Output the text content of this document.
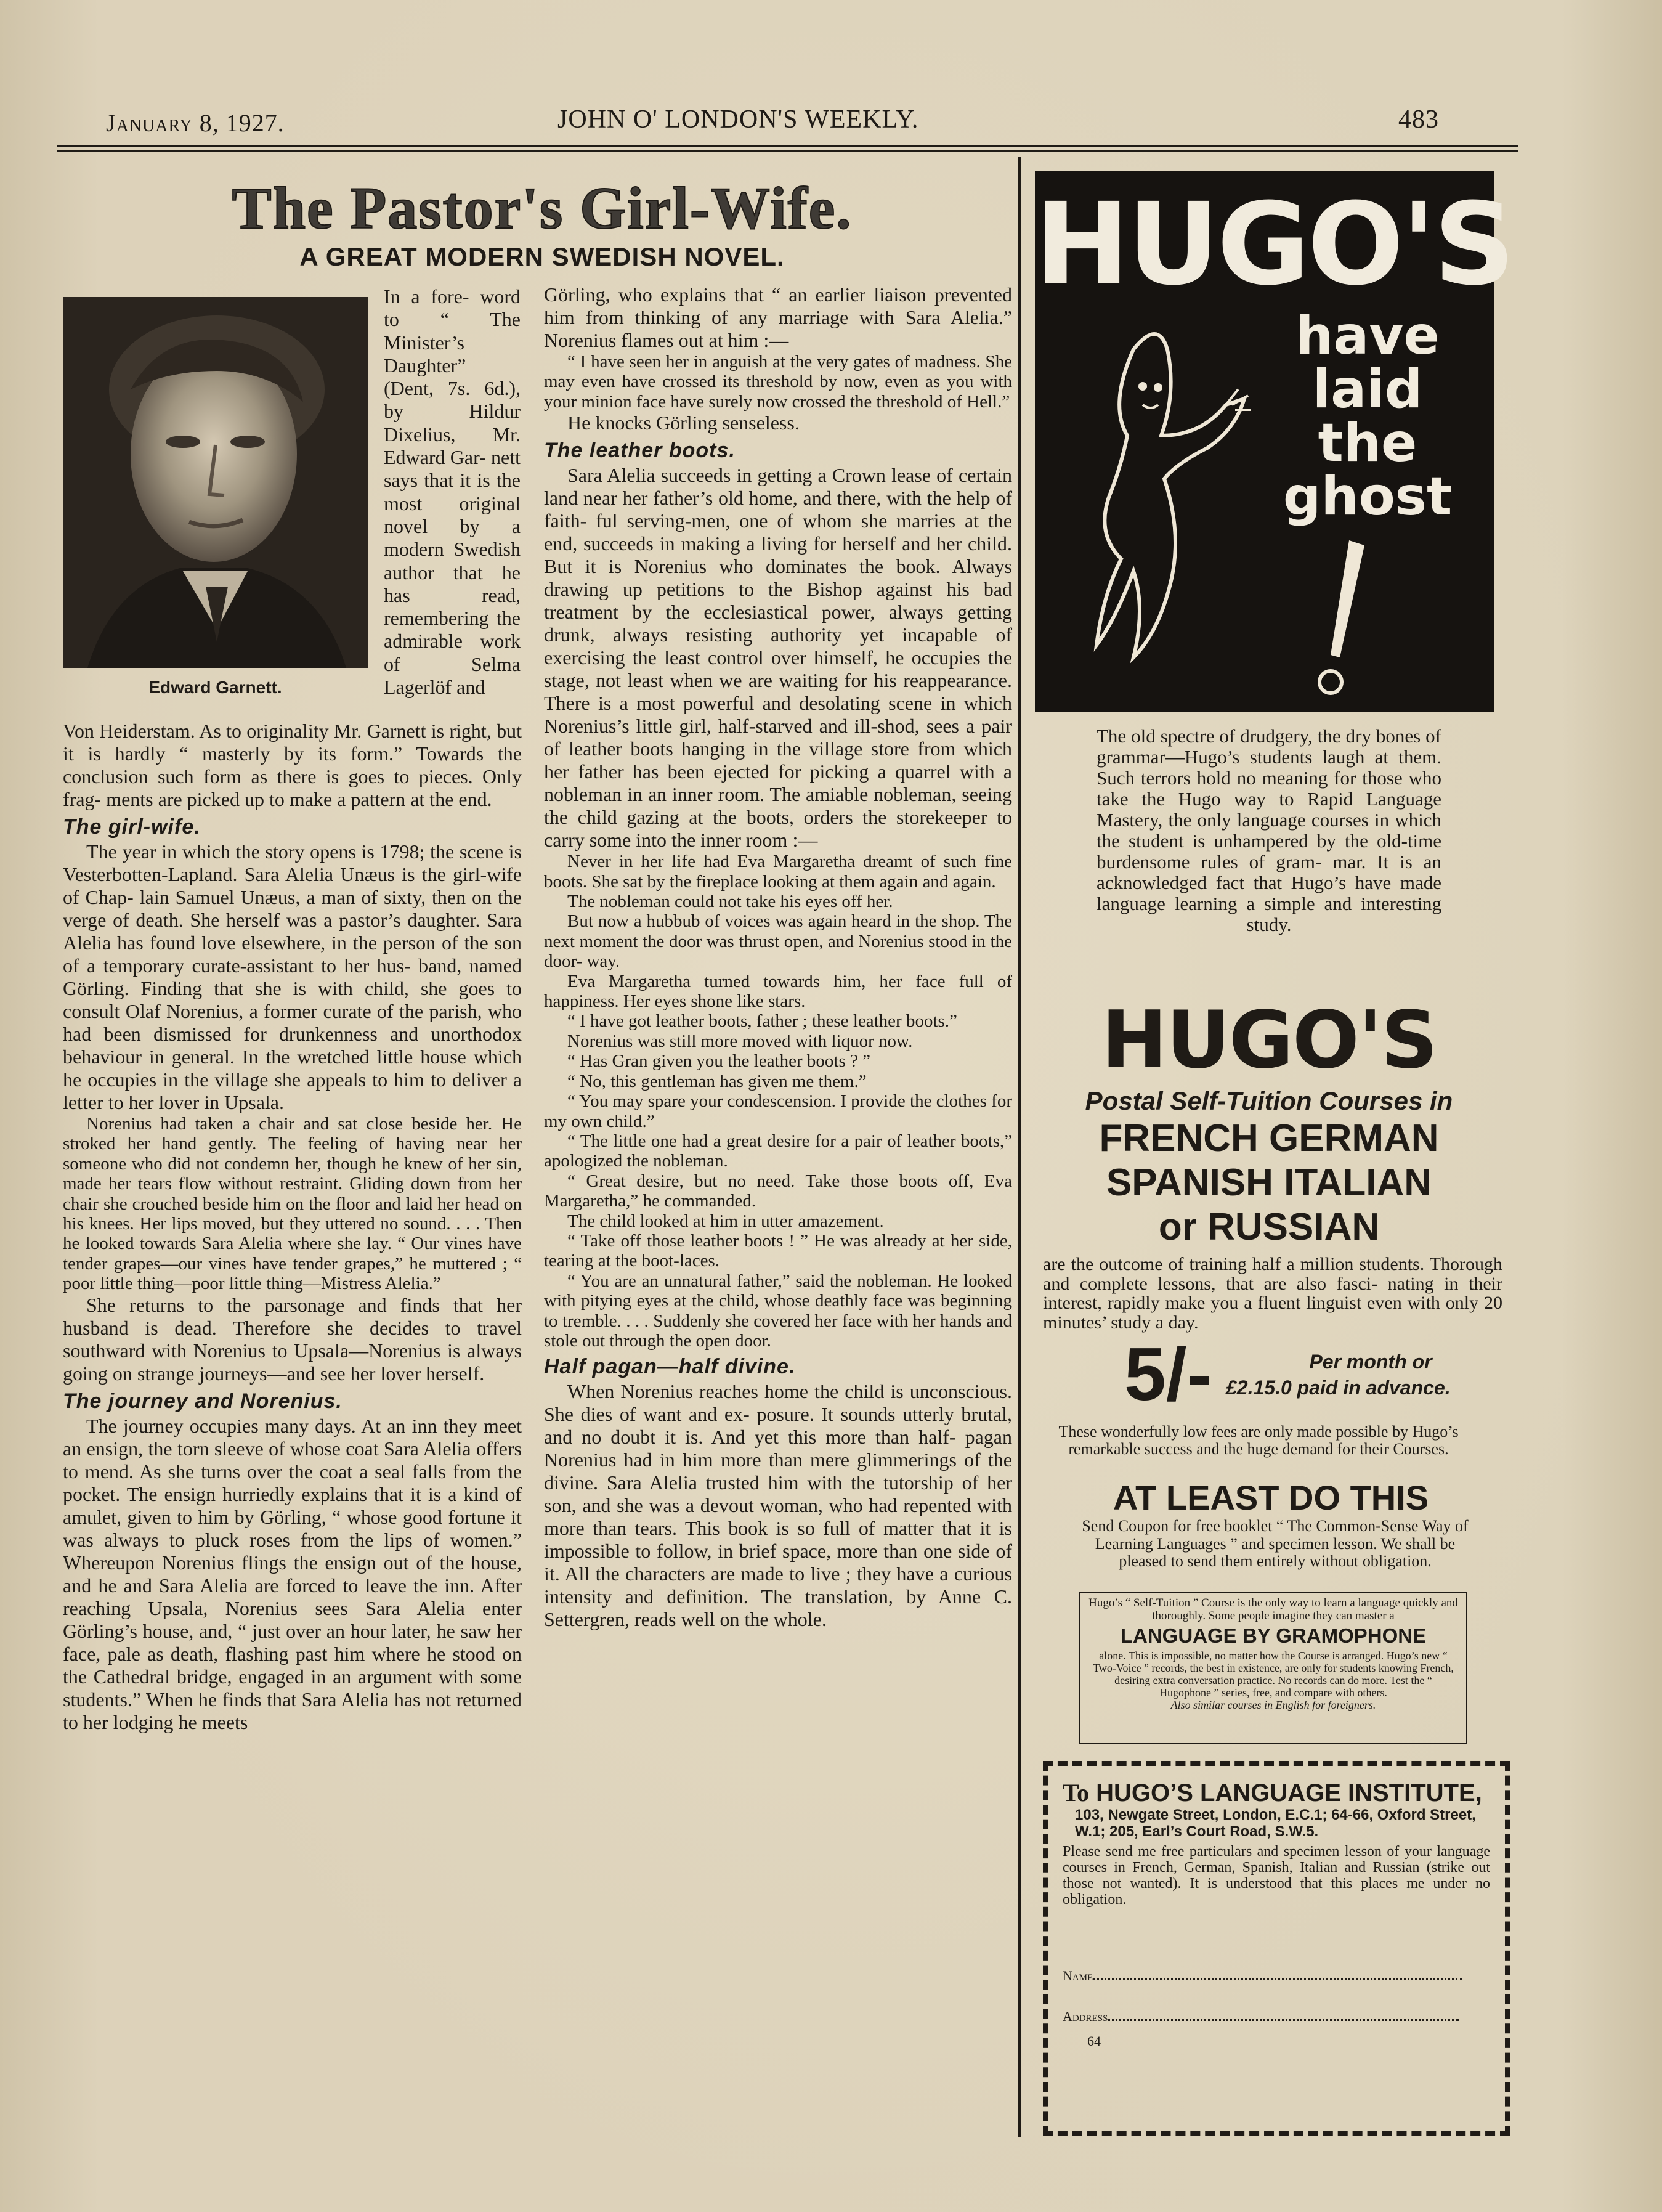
January 8, 1927.	JOHN O' LONDON'S WEEKLY.	483
The Pastor's Girl-Wife.
A GREAT MODERN SWEDISH NOVEL.
Edward Garnett.

In a fore- word to “ The Minister’s Daughter” (Dent, 7s. 6d.), by Hildur Dixelius, Mr. Edward Gar- nett says that it is the most original novel by a modern Swedish author that he has read, remembering the admirable work of Selma Lagerlöf and

Von Heiderstam. As to originality Mr. Garnett is right, but it is hardly “ masterly by its form.” Towards the conclusion such form as there is goes to pieces. Only frag- ments are picked up to make a pattern at the end.

The girl-wife.

The year in which the story opens is 1798; the scene is Vesterbotten-Lapland. Sara Alelia Unæus is the girl-wife of Chap- lain Samuel Unæus, a man of sixty, then on the verge of death. She herself was a pastor’s daughter. Sara Alelia has found love elsewhere, in the person of the son of a temporary curate-assistant to her hus- band, named Görling. Finding that she is with child, she goes to consult Olaf Norenius, a former curate of the parish, who had been dismissed for drunkenness and unorthodox behaviour in general. In the wretched little house which he occupies in the village she appeals to him to deliver a letter to her lover in Upsala.

Norenius had taken a chair and sat close beside her. He stroked her hand gently. The feeling of having near her someone who did not condemn her, though he knew of her sin, made her tears flow without restraint. Gliding down from her chair she crouched beside him on the floor and laid her head on his knees. Her lips moved, but they uttered no sound. . . . Then he looked towards Sara Alelia where she lay. “ Our vines have tender grapes—our vines have tender grapes,” he muttered ; “ poor little thing—poor little thing—Mistress Alelia.”

She returns to the parsonage and finds that her husband is dead. Therefore she decides to travel southward with Norenius to Upsala—Norenius is always going on strange journeys—and see her lover herself.

The journey and Norenius.

The journey occupies many days. At an inn they meet an ensign, the torn sleeve of whose coat Sara Alelia offers to mend. As she turns over the coat a seal falls from the pocket. The ensign hurriedly explains that it is a kind of amulet, given to him by Görling, “ whose good fortune it was always to pluck roses from the lips of women.” Whereupon Norenius flings the ensign out of the house, and he and Sara Alelia are forced to leave the inn. After reaching Upsala, Norenius sees Sara Alelia enter Görling’s house, and, “ just over an hour later, he saw her face, pale as death, flashing past him where he stood on the Cathedral bridge, engaged in an argument with some students.” When he finds that Sara Alelia has not returned to her lodging he meets

Görling, who explains that “ an earlier liaison prevented him from thinking of any marriage with Sara Alelia.” Norenius flames out at him :—

“ I have seen her in anguish at the very gates of madness. She may even have crossed its threshold by now, even as you with your minion face have surely now crossed the threshold of Hell.”

He knocks Görling senseless.

The leather boots.

Sara Alelia succeeds in getting a Crown lease of certain land near her father’s old home, and there, with the help of faith- ful serving-men, one of whom she marries at the end, succeeds in making a living for herself and her child. But it is Norenius who dominates the book. Always drawing up petitions to the Bishop against his bad treatment by the ecclesiastical power, always getting drunk, always resisting authority yet incapable of exercising the least control over himself, he occupies the stage, not least when we are waiting for his reappearance. There is a most powerful and desolating scene in which Norenius’s little girl, half-starved and ill-shod, sees a pair of leather boots hanging in the village store from which her father has been ejected for picking a quarrel with a nobleman in an inner room. The amiable nobleman, seeing the child gazing at the boots, orders the storekeeper to carry some into the inner room :—

Never in her life had Eva Margaretha dreamt of such fine boots. She sat by the fireplace looking at them again and again.

The nobleman could not take his eyes off her.

But now a hubbub of voices was again heard in the shop. The next moment the door was thrust open, and Norenius stood in the door- way.

Eva Margaretha turned towards him, her face full of happiness. Her eyes shone like stars.

“ I have got leather boots, father ; these leather boots.”

Norenius was still more moved with liquor now.

“ Has Gran given you the leather boots ? ”

“ No, this gentleman has given me them.”

“ You may spare your condescension. I provide the clothes for my own child.”

“ The little one had a great desire for a pair of leather boots,” apologized the nobleman.

“ Great desire, but no need. Take those boots off, Eva Margaretha,” he commanded.

The child looked at him in utter amazement.

“ Take off those leather boots ! ” He was already at her side, tearing at the boot-laces.

“ You are an unnatural father,” said the nobleman. He looked with pitying eyes at the child, whose deathly face was beginning to tremble. . . . Suddenly she covered her face with her hands and stole out through the open door.

Half pagan—half divine.

When Norenius reaches home the child is unconscious. She dies of want and ex- posure. It sounds utterly brutal, and no doubt it is. And yet this more than half- pagan Norenius had in him more than mere glimmerings of the divine. Sara Alelia trusted him with the tutorship of her son, and she was a devout woman, who had repented with more than tears. This book is so full of matter that it is impossible to follow, in brief space, more than one side of it. All the characters are made to live ; they have a curious intensity and definition. The translation, by Anne C. Settergren, reads well on the whole.

HUGO'S
have
laid
the
ghost
The old spectre of drudgery, the dry bones of grammar—Hugo’s students laugh at them. Such terrors hold no meaning for those who take the Hugo way to Rapid Language Mastery, the only language courses in which the student is unhampered by the old-time burdensome rules of gram- mar. It is an acknowledged fact that Hugo’s have made language learning a simple and interesting study.
HUGO'S
Postal Self-Tuition Courses in
FRENCH GERMAN
SPANISH ITALIAN
or RUSSIAN
are the outcome of training half a million students. Thorough and complete lessons, that are also fasci- nating in their interest, rapidly make you a fluent linguist even with only 20 minutes’ study a day.
5/-	Per month or
£2.15.0 paid in advance.
These wonderfully low fees are only made possible by Hugo’s remarkable success and the huge demand for their Courses.
AT LEAST DO THIS
Send Coupon for free booklet “ The Common-Sense Way of Learning Languages ” and specimen lesson. We shall be pleased to send them entirely without obligation.
Hugo’s “ Self-Tuition ” Course is the only way to learn a language quickly and thoroughly. Some people imagine they can master a
LANGUAGE BY GRAMOPHONE
alone. This is impossible, no matter how the Course is arranged. Hugo’s new “ Two-Voice ” records, the best in existence, are only for students knowing French, desiring extra conversation practice. No records can do more. Test the “ Hugophone ” series, free, and compare with others.
Also similar courses in English for foreigners.
To HUGO’S LANGUAGE INSTITUTE,
103, Newgate Street, London, E.C.1; 64-66, Oxford Street, W.1; 205, Earl’s Court Road, S.W.5.
Please send me free particulars and specimen lesson of your language courses in French, German, Spanish, Italian and Russian (strike out those not wanted). It is understood that this places me under no obligation.
Name
Address
64
